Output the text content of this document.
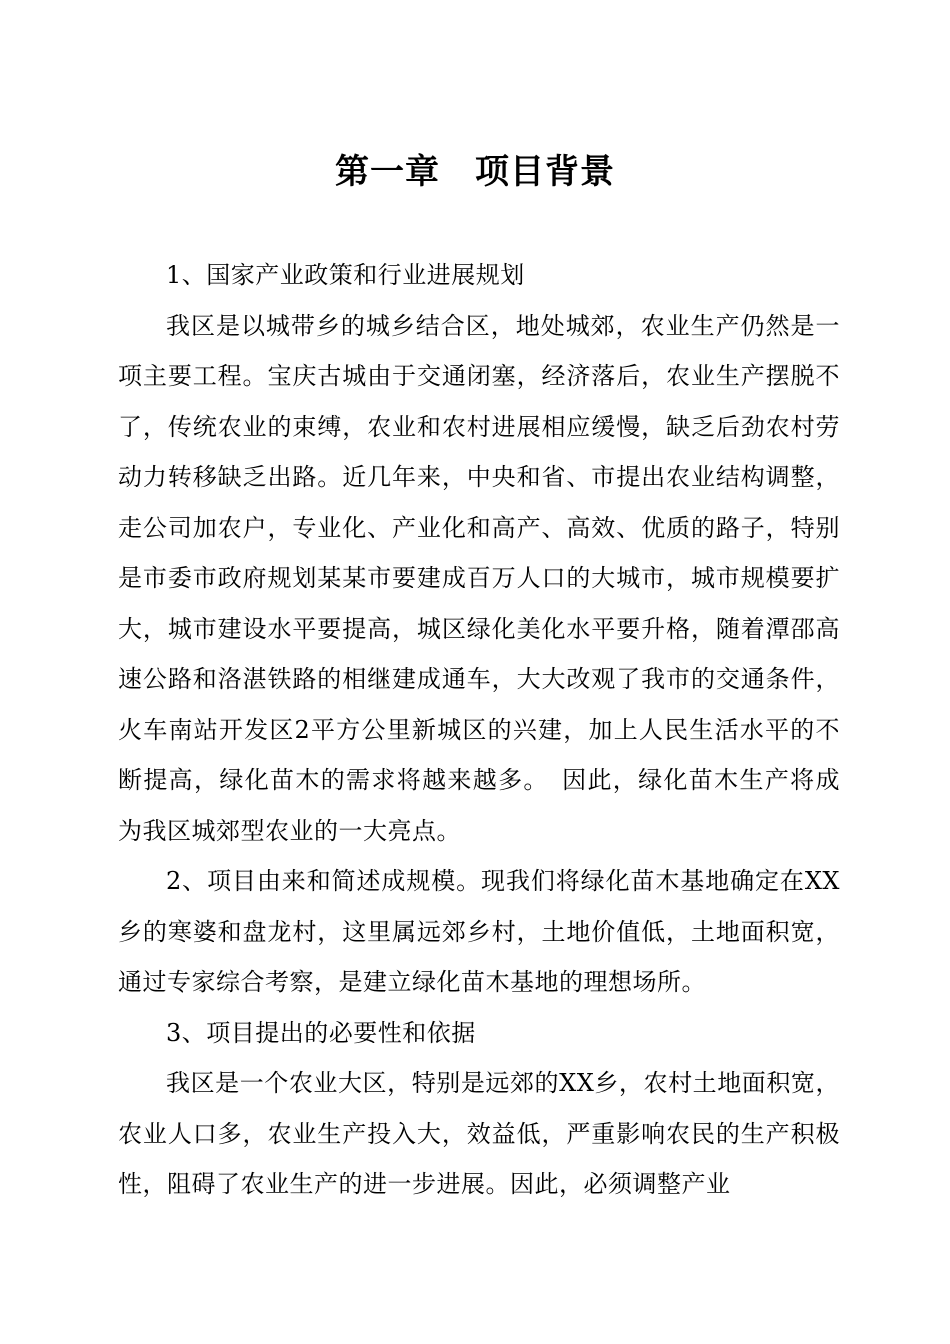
第一章　项目背景

1、国家产业政策和行业进展规划

我区是以城带乡的城乡结合区，地处城郊，农业生产仍然是一项主要工程。宝庆古城由于交通闭塞，经济落后，农业生产摆脱不了，传统农业的束缚，农业和农村进展相应缓慢，缺乏后劲农村劳动力转移缺乏出路。近几年来，中央和省、市提出农业结构调整，走公司加农户，专业化、产业化和高产、高效、优质的路子，特别是市委市政府规划某某市要建成百万人口的大城市，城市规模要扩大，城市建设水平要提高，城区绿化美化水平要升格，随着潭邵高速公路和洛湛铁路的相继建成通车，大大改观了我市的交通条件，火车南站开发区2平方公里新城区的兴建，加上人民生活水平的不断提高，绿化苗木的需求将越来越多。　因此，绿化苗木生产将成为我区城郊型农业的一大亮点。

2、项目由来和简述成规模。现我们将绿化苗木基地确定在XX乡的寒婆和盘龙村，这里属远郊乡村，土地价值低，土地面积宽，通过专家综合考察，是建立绿化苗木基地的理想场所。

3、项目提出的必要性和依据

我区是一个农业大区，特别是远郊的XX乡，农村土地面积宽，农业人口多，农业生产投入大，效益低，严重影响农民的生产积极性，阻碍了农业生产的进一步进展。因此，必须调整产业
